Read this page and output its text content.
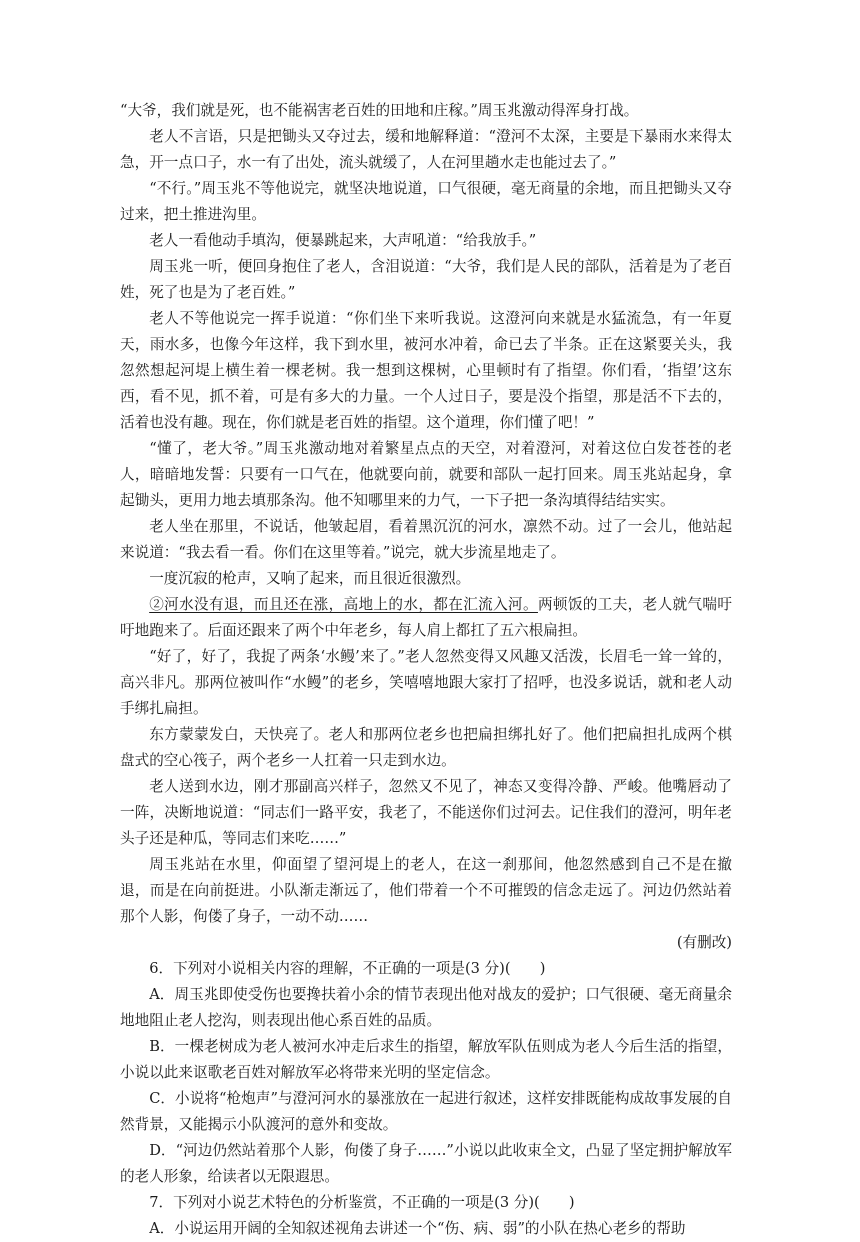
“大爷，我们就是死，也不能祸害老百姓的田地和庄稼。”周玉兆激动得浑身打战。

老人不言语，只是把锄头又夺过去，缓和地解释道：“澄河不太深，主要是下暴雨水来得太急，开一点口子，水一有了出处，流头就缓了，人在河里趟水走也能过去了。”

“不行。”周玉兆不等他说完，就坚决地说道，口气很硬，毫无商量的余地，而且把锄头又夺过来，把土推进沟里。

老人一看他动手填沟，便暴跳起来，大声吼道：“给我放手。”

周玉兆一听，便回身抱住了老人，含泪说道：“大爷，我们是人民的部队，活着是为了老百姓，死了也是为了老百姓。”

老人不等他说完一挥手说道：“你们坐下来听我说。这澄河向来就是水猛流急，有一年夏天，雨水多，也像今年这样，我下到水里，被河水冲着，命已去了半条。正在这紧要关头，我忽然想起河堤上横生着一棵老树。我一想到这棵树，心里顿时有了指望。你们看，‘指望’这东西，看不见，抓不着，可是有多大的力量。一个人过日子，要是没个指望，那是活不下去的，活着也没有趣。现在，你们就是老百姓的指望。这个道理，你们懂了吧！”

“懂了，老大爷。”周玉兆激动地对着繁星点点的天空，对着澄河，对着这位白发苍苍的老人，暗暗地发誓：只要有一口气在，他就要向前，就要和部队一起打回来。周玉兆站起身，拿起锄头，更用力地去填那条沟。他不知哪里来的力气，一下子把一条沟填得结结实实。

老人坐在那里，不说话，他皱起眉，看着黑沉沉的河水，凛然不动。过了一会儿，他站起来说道：“我去看一看。你们在这里等着。”说完，就大步流星地走了。

一度沉寂的枪声，又响了起来，而且很近很激烈。

②河水没有退，而且还在涨，高地上的水，都在汇流入河。两顿饭的工夫，老人就气喘吁吁地跑来了。后面还跟来了两个中年老乡，每人肩上都扛了五六根扁担。

“好了，好了，我捉了两条‘水鳗’来了。”老人忽然变得又风趣又活泼，长眉毛一耸一耸的，高兴非凡。那两位被叫作“水鳗”的老乡，笑嘻嘻地跟大家打了招呼，也没多说话，就和老人动手绑扎扁担。

东方蒙蒙发白，天快亮了。老人和那两位老乡也把扁担绑扎好了。他们把扁担扎成两个棋盘式的空心筏子，两个老乡一人扛着一只走到水边。

老人送到水边，刚才那副高兴样子，忽然又不见了，神态又变得冷静、严峻。他嘴唇动了一阵，决断地说道：“同志们一路平安，我老了，不能送你们过河去。记住我们的澄河，明年老头子还是种瓜，等同志们来吃……”

周玉兆站在水里，仰面望了望河堤上的老人，在这一刹那间，他忽然感到自己不是在撤退，而是在向前挺进。小队渐走渐远了，他们带着一个不可摧毁的信念走远了。河边仍然站着那个人影，佝偻了身子，一动不动……

(有删改)

6．下列对小说相关内容的理解，不正确的一项是(3 分)(　　)

A．周玉兆即使受伤也要搀扶着小余的情节表现出他对战友的爱护；口气很硬、毫无商量余地地阻止老人挖沟，则表现出他心系百姓的品质。

B．一棵老树成为老人被河水冲走后求生的指望，解放军队伍则成为老人今后生活的指望，小说以此来讴歌老百姓对解放军必将带来光明的坚定信念。

C．小说将“枪炮声”与澄河河水的暴涨放在一起进行叙述，这样安排既能构成故事发展的自然背景，又能揭示小队渡河的意外和变故。

D．“河边仍然站着那个人影，佝偻了身子……”小说以此收束全文，凸显了坚定拥护解放军的老人形象，给读者以无限遐思。

7．下列对小说艺术特色的分析鉴赏，不正确的一项是(3 分)(　　)

A．小说运用开阔的全知叙述视角去讲述一个“伤、病、弱”的小队在热心老乡的帮助
